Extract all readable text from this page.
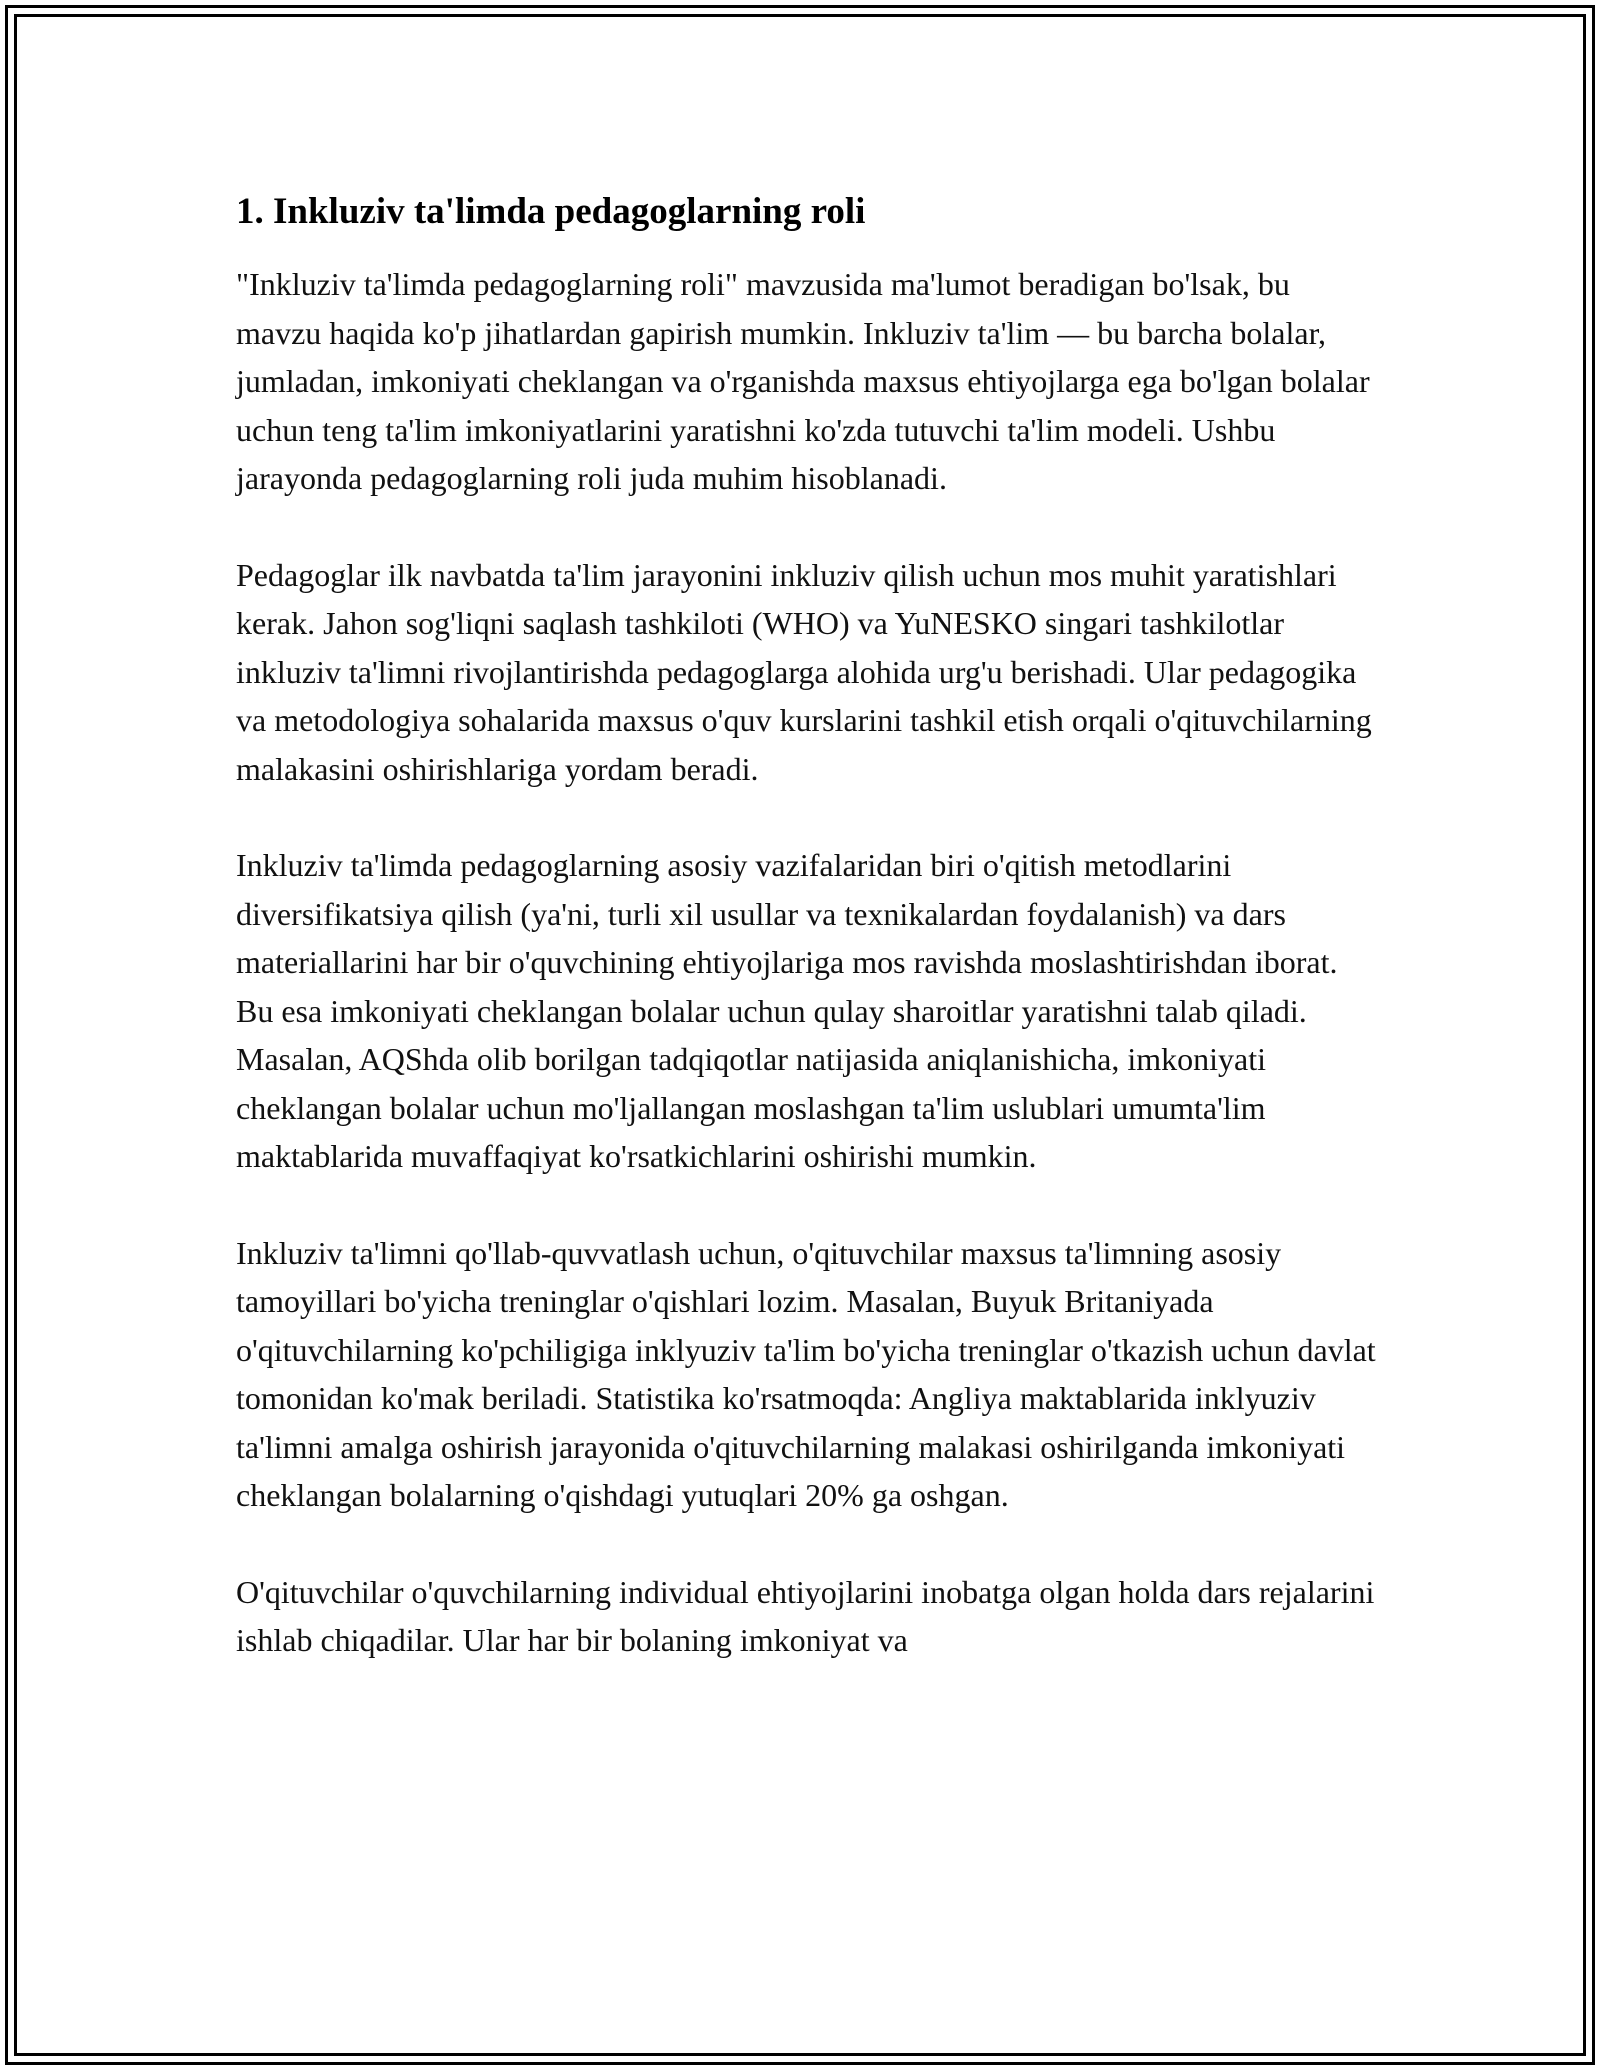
1. Inkluziv ta'limda pedagoglarning roli

"Inkluziv ta'limda pedagoglarning roli" mavzusida ma'lumot beradigan bo'lsak, bu mavzu haqida ko'p jihatlardan gapirish mumkin. Inkluziv ta'lim — bu barcha bolalar, jumladan, imkoniyati cheklangan va o'rganishda maxsus ehtiyojlarga ega bo'lgan bolalar uchun teng ta'lim imkoniyatlarini yaratishni ko'zda tutuvchi ta'lim modeli. Ushbu jarayonda pedagoglarning roli juda muhim hisoblanadi.

Pedagoglar ilk navbatda ta'lim jarayonini inkluziv qilish uchun mos muhit yaratishlari kerak. Jahon sog'liqni saqlash tashkiloti (WHO) va YuNESKO singari tashkilotlar inkluziv ta'limni rivojlantirishda pedagoglarga alohida urg'u berishadi. Ular pedagogika va metodologiya sohalarida maxsus o'quv kurslarini tashkil etish orqali o'qituvchilarning malakasini oshirishlariga yordam beradi.

Inkluziv ta'limda pedagoglarning asosiy vazifalaridan biri o'qitish metodlarini diversifikatsiya qilish (ya'ni, turli xil usullar va texnikalardan foydalanish) va dars materiallarini har bir o'quvchining ehtiyojlariga mos ravishda moslashtirishdan iborat. Bu esa imkoniyati cheklangan bolalar uchun qulay sharoitlar yaratishni talab qiladi. Masalan, AQShda olib borilgan tadqiqotlar natijasida aniqlanishicha, imkoniyati cheklangan bolalar uchun mo'ljallangan moslashgan ta'lim uslublari umumta'lim maktablarida muvaffaqiyat ko'rsatkichlarini oshirishi mumkin.

Inkluziv ta'limni qo'llab-quvvatlash uchun, o'qituvchilar maxsus ta'limning asosiy tamoyillari bo'yicha treninglar o'qishlari lozim. Masalan, Buyuk Britaniyada o'qituvchilarning ko'pchiligiga inklyuziv ta'lim bo'yicha treninglar o'tkazish uchun davlat tomonidan ko'mak beriladi. Statistika ko'rsatmoqda: Angliya maktablarida inklyuziv ta'limni amalga oshirish jarayonida o'qituvchilarning malakasi oshirilganda imkoniyati cheklangan bolalarning o'qishdagi yutuqlari 20% ga oshgan.

O'qituvchilar o'quvchilarning individual ehtiyojlarini inobatga olgan holda dars rejalarini ishlab chiqadilar. Ular har bir bolaning imkoniyat va
